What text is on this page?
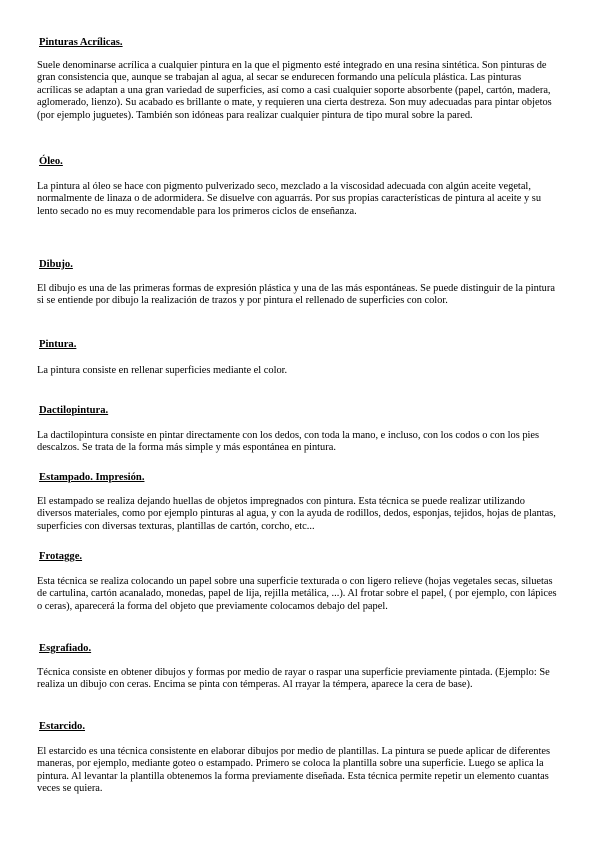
Pinturas Acrílicas.

Suele denominarse acrílica a cualquier pintura en la que el pigmento esté integrado en una resina sintética. Son pinturas de gran consistencia que, aunque se trabajan al agua, al secar se endurecen formando una película plástica. Las pinturas acrílicas se adaptan a una gran variedad de superficies, así como a casi cualquier soporte absorbente (papel, cartón, madera, aglomerado, lienzo). Su acabado es brillante o mate, y requieren una cierta destreza. Son muy adecuadas para pintar objetos (por ejemplo juguetes). También son idóneas para realizar cualquier pintura de tipo mural sobre la pared.

Óleo.

La pintura al óleo se hace con pigmento pulverizado seco, mezclado a la viscosidad adecuada con algún aceite vegetal, normalmente de linaza o de adormidera. Se disuelve con aguarrás. Por sus propias características de pintura al aceite y su lento secado no es muy recomendable para los primeros ciclos de enseñanza.

Dibujo.

El dibujo es una de las primeras formas de expresión plástica y una de las más espontáneas. Se puede distinguir de la pintura si se entiende por dibujo la realización de trazos y por pintura el rellenado de superficies con color.

Pintura.

La pintura consiste en rellenar superficies mediante el color.

Dactilopintura.

La dactilopintura consiste en pintar directamente con los dedos, con toda la mano, e incluso, con los codos o con los pies descalzos. Se trata de la forma más simple y más espontánea en pintura.

Estampado. Impresión.

El estampado se realiza dejando huellas de objetos impregnados con pintura. Esta técnica se puede realizar utilizando diversos materiales, como por ejemplo pinturas al agua, y con la ayuda de rodillos, dedos, esponjas, tejidos, hojas de plantas, superficies con diversas texturas, plantillas de cartón, corcho, etc...

Frotagge.

Esta técnica se realiza colocando un papel sobre una superficie texturada o con ligero relieve (hojas vegetales secas, siluetas de cartulina, cartón acanalado, monedas, papel de lija, rejilla metálica, ...). Al frotar sobre el papel, ( por ejemplo, con lápices o ceras), aparecerá la forma del objeto que previamente colocamos debajo del papel.

Esgrafiado.

Técnica consiste en obtener dibujos y formas por medio de rayar o raspar una superficie previamente pintada. (Ejemplo: Se realiza un dibujo con ceras. Encima se pinta con témperas. Al rrayar la témpera, aparece la cera de base).

Estarcido.

El estarcido es una técnica consistente en elaborar dibujos por medio de plantillas. La pintura se puede aplicar de diferentes maneras, por ejemplo, mediante goteo o estampado. Primero se coloca la plantilla sobre una superficie. Luego se aplica la pintura. Al levantar la plantilla obtenemos la forma previamente diseñada. Esta técnica permite repetir un elemento cuantas veces se quiera.
